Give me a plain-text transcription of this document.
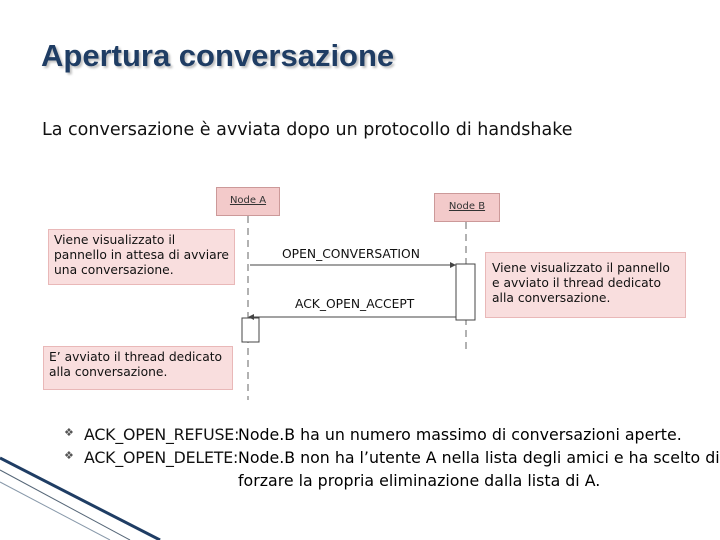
Apertura conversazione
La conversazione è avviata dopo un protocollo di handshake
Node A
Node B
OPEN_CONVERSATION
ACK_OPEN_ACCEPT
Viene visualizzato il pannello in attesa di avviare una conversazione.	Viene visualizzato il pannello e avviato il thread dedicato alla conversazione.
E’ avviato il thread dedicato alla conversazione.
❖ ACK_OPEN_REFUSE:
Node.B ha un numero massimo di conversazioni aperte.
❖ ACK_OPEN_DELETE: Node.B non ha l’utente A nella lista degli amici e ha scelto di
forzare la propria eliminazione dalla lista di A.
